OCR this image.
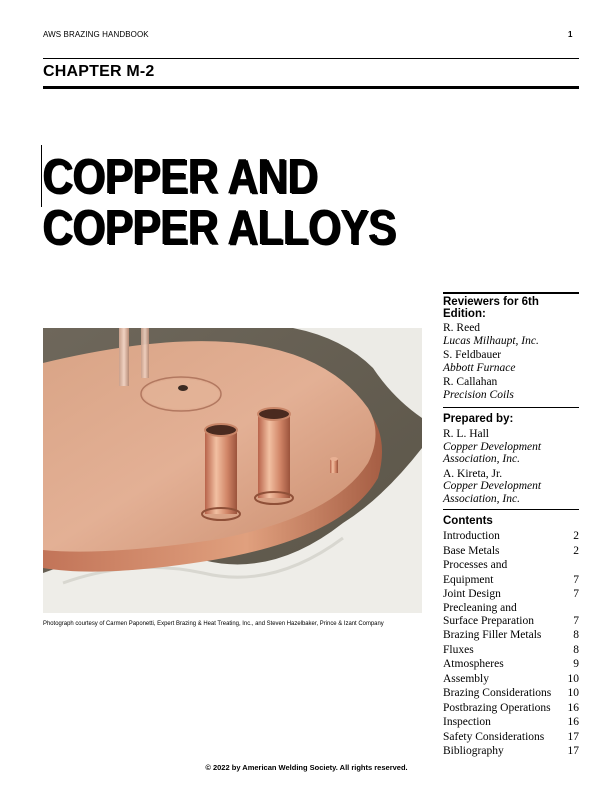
AWS BRAZING HANDBOOK	1
CHAPTER M-2
COPPER AND
COPPER ALLOYS
Photograph courtesy of Carmen Paponetti, Expert Brazing & Heat Treating, Inc., and Steven Hazelbaker, Prince & Izant Company
Reviewers for 6th Edition:
R. Reed
Lucas Milhaupt, Inc.
S. Feldbauer
Abbott Furnace
R. Callahan
Precision Coils
Prepared by:
R. L. Hall
Copper Development
Association, Inc.
A. Kireta, Jr.
Copper Development
Association, Inc.
Contents
Introduction	2
Base Metals	2
Processes and Equipment	7
Joint Design	7
Precleaning and
Surface Preparation	7
Brazing Filler Metals	8
Fluxes	8
Atmospheres	9
Assembly	10
Brazing Considerations	10
Postbrazing Operations	16
Inspection	16
Safety Considerations	17
Bibliography	17
© 2022 by American Welding Society. All rights reserved.
